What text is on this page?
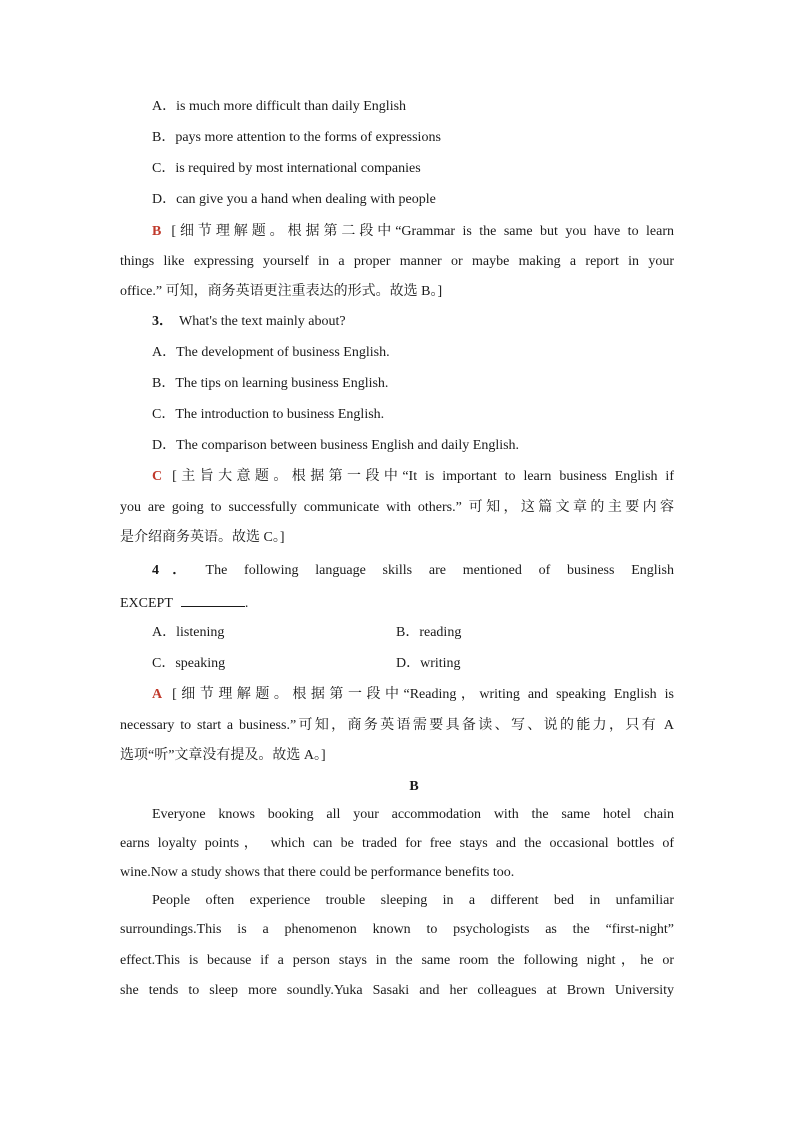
A．is much more difficult than daily English
B．pays more attention to the forms of expressions
C．is required by most international companies
D．can give you a hand when dealing with people
B [细节理解题。根据第二段中“Grammar is the same but you have to learn
things like expressing yourself in a proper manner or maybe making a report in your
office.” 可知，商务英语更注重表达的形式。故选 B。]
3． What's the text mainly about?
A．The development of business English.
B．The tips on learning business English.
C．The introduction to business English.
D．The comparison between business English and daily English.
C [主旨大意题。根据第一段中“It is important to learn business English if
you are going to successfully communicate with others.” 可知，这篇文章的主要内容
是介绍商务英语。故选 C。]
4． The following language skills are mentioned of business English
EXCEPT	.
A．listening	B．reading
C．speaking	D．writing
A [细节理解题。根据第一段中“Reading，writing and speaking English is
necessary to start a business.”可知，商务英语需要具备读、写、说的能力，只有 A
选项“听”文章没有提及。故选 A。]
B
Everyone knows booking all your accommodation with the same hotel chain
earns loyalty points， which can be traded for free stays and the occasional bottles of
wine.Now a study shows that there could be performance benefits too.
People often experience trouble sleeping in a different bed in unfamiliar
surroundings.This is a phenomenon known to psychologists as the “first-night”
effect.This is because if a person stays in the same room the following night，he or
she tends to sleep more soundly.Yuka Sasaki and her colleagues at Brown University
